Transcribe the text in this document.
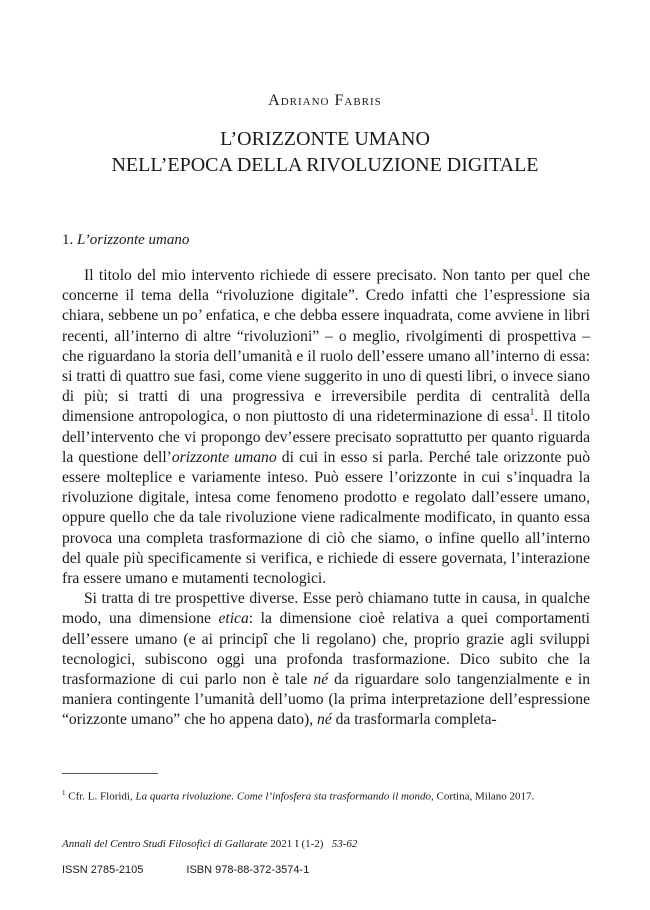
Adriano Fabris
L’ORIZZONTE UMANO
NELL’EPOCA DELLA RIVOLUZIONE DIGITALE
1. L’orizzonte umano

Il titolo del mio intervento richiede di essere precisato. Non tanto per quel che concerne il tema della “rivoluzione digitale”. Credo infatti che l’espressione sia chiara, sebbene un po’ enfatica, e che debba essere inquadrata, come avviene in libri recenti, all’interno di altre “rivoluzioni” – o meglio, rivolgimenti di prospettiva – che riguardano la storia dell’umanità e il ruolo dell’essere umano all’interno di essa: si tratti di quattro sue fasi, come viene suggerito in uno di questi libri, o invece siano di più; si tratti di una progressiva e irreversibile perdita di centralità della dimensione antropologica, o non piuttosto di una rideterminazione di essa$^1$. Il titolo dell’intervento che vi propongo dev’essere precisato soprattutto per quanto riguarda la questione dell’orizzonte umano di cui in esso si parla. Perché tale orizzonte può essere molteplice e variamente inteso. Può essere l’orizzonte in cui s’inquadra la rivoluzione digitale, intesa come fenomeno prodotto e regolato dall’essere umano, oppure quello che da tale rivoluzione viene radicalmente modificato, in quanto essa provoca una completa trasformazione di ciò che siamo, o infine quello all’interno del quale più specificamente si verifica, e richiede di essere governata, l’interazione fra essere umano e mutamenti tecnologici.

Si tratta di tre prospettive diverse. Esse però chiamano tutte in causa, in qualche modo, una dimensione etica: la dimensione cioè relativa a quei comportamenti dell’essere umano (e ai principî che li regolano) che, proprio grazie agli sviluppi tecnologici, subiscono oggi una profonda trasformazione. Dico subito che la trasformazione di cui parlo non è tale né da riguardare solo tangenzialmente e in maniera contingente l’umanità dell’uomo (la prima interpretazione dell’espressione “orizzonte umano” che ho appena dato), né da trasformarla completa-

$^1$ Cfr. L. Floridi, La quarta rivoluzione. Come l’infosfera sta trasformando il mondo, Cortina, Milano 2017.
Annali del Centro Studi Filosofici di Gallarate 2021 I (1-2) 53-62
ISSN 2785-2105	ISBN 978-88-372-3574-1
